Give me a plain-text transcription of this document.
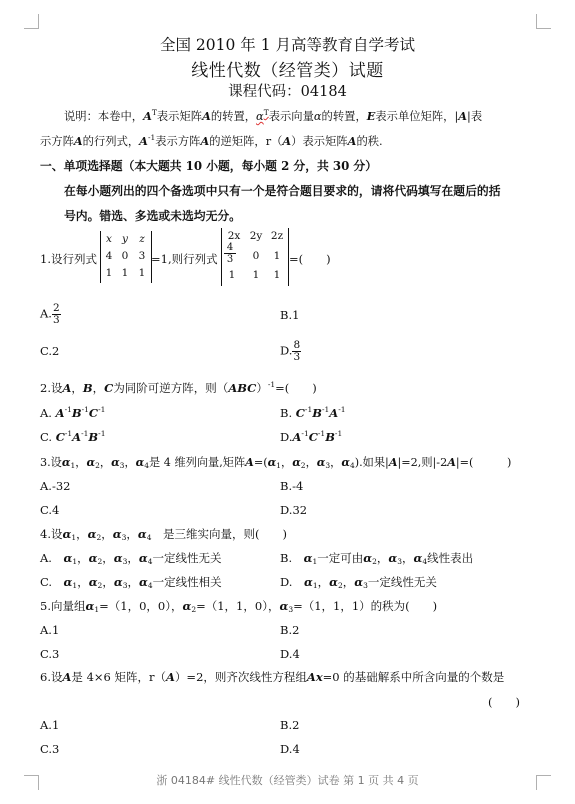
全国 2010 年 1 月高等教育自学考试
线性代数（经管类）试题
课程代码：04184
说明：本卷中，$A^T$表示矩阵A的转置，$\alpha^T$表示向量α的转置，E表示单位矩阵，|A|表
示方阵A的行列式，$A^{-1}$表示方阵A的逆矩阵，r（A）表示矩阵A的秩.
一、单项选择题（本大题共 10 小题，每小题 2 分，共 30 分）
在每小题列出的四个备选项中只有一个是符合题目要求的，请将代码填写在题后的括
号内。错选、多选或未选均无分。
1.设行列式
x y	z
4 0 3
1 1 1
=1,则行列式
2x 2y 2z
$\frac{4}{3}$	0	1
1	1	1
=(　　)
A. $\frac{2}{3}$	B.1
C.2	D. $\frac{8}{3}$
2.设A，B，C为同阶可逆方阵，则（ABC）$^{-1}$=(　　)
A. $A^{-1}B^{-1}C^{-1}$	B. $C^{-1}B^{-1}A^{-1}$
C. $C^{-1}A^{-1}B^{-1}$	$D.A^{-1}C^{-1}B^{-1}$
3.设$\alpha_1$，$\alpha_2$，$\alpha_3$，$\alpha_4$是 4 维列向量,矩阵$A=(\alpha_1$，$\alpha_2$，$\alpha_3$，$\alpha_4$).如果|A|=2,则|-2A|=(　　　)
A.-32	B.-4
C.4	D.32
4.设$\alpha_1$，$\alpha_2$，$\alpha_3$，$\alpha_4$　 是三维实向量，则(　　)
A.　 $\alpha_1$，$\alpha_2$，$\alpha_3$，$\alpha_4$一定线性无关	B.　 $\alpha_1$一定可由$\alpha_2$，$\alpha_3$，$\alpha_4$线性表出
C.　 $\alpha_1$，$\alpha_2$，$\alpha_3$，$\alpha_4$一定线性相关	D.　 $\alpha_1$，$\alpha_2$，$\alpha_3$一定线性无关
5.向量组$\alpha_1=(1$，0，0），$\alpha_2=(1$，1，0），$\alpha_3=(1$，1，1）的秩为(　　)
A.1	B.2
C.3	D.4
6.设A是 4×6 矩阵，r（A）=2，则齐次线性方程组Ax=0 的基础解系中所含向量的个数是
(　　)
A.1	B.2
C.3	D.4
浙 04184# 线性代数（经管类）试卷 第 1 页 共 4 页
